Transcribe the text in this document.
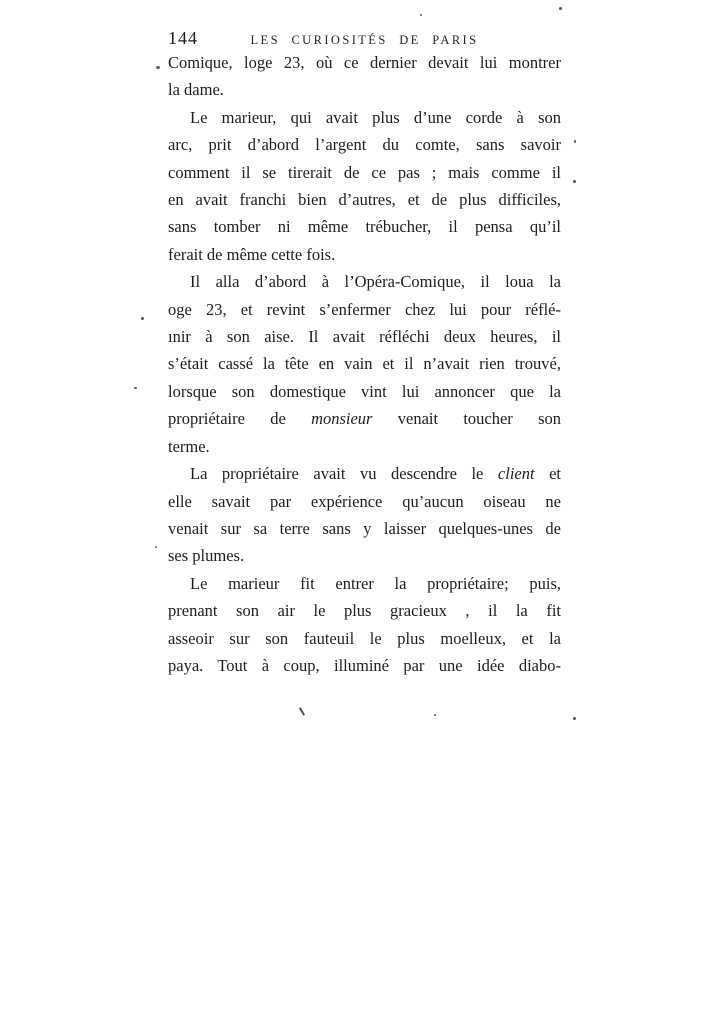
144	LES CURIOSITÉS DE PARIS
Comique, loge 23, où ce dernier devait lui montrer
la dame.
Le marieur, qui avait plus d’une corde à son
arc, prit d’abord l’argent du comte, sans savoir
comment il se tirerait de ce pas ; mais comme il
en avait franchi bien d’autres, et de plus difficiles,
sans tomber ni même trébucher, il pensa qu’il
ferait de même cette fois.
Il alla d’abord à l’Opéra-Comique, il loua la
oge 23, et revint s’enfermer chez lui pour réflé-
ınir à son aise. Il avait réfléchi deux heures, il
s’était cassé la tête en vain et il n’avait rien trouvé,
lorsque son domestique vint lui annoncer que la
propriétaire de monsieur venait toucher son
terme.
La propriétaire avait vu descendre le client et
elle savait par expérience qu’aucun oiseau ne
venait sur sa terre sans y laisser quelques-unes de
ses plumes.
Le marieur fit entrer la propriétaire; puis,
prenant son air le plus gracieux , il la fit
asseoir sur son fauteuil le plus moelleux, et la
paya. Tout à coup, illuminé par une idée diabo-
